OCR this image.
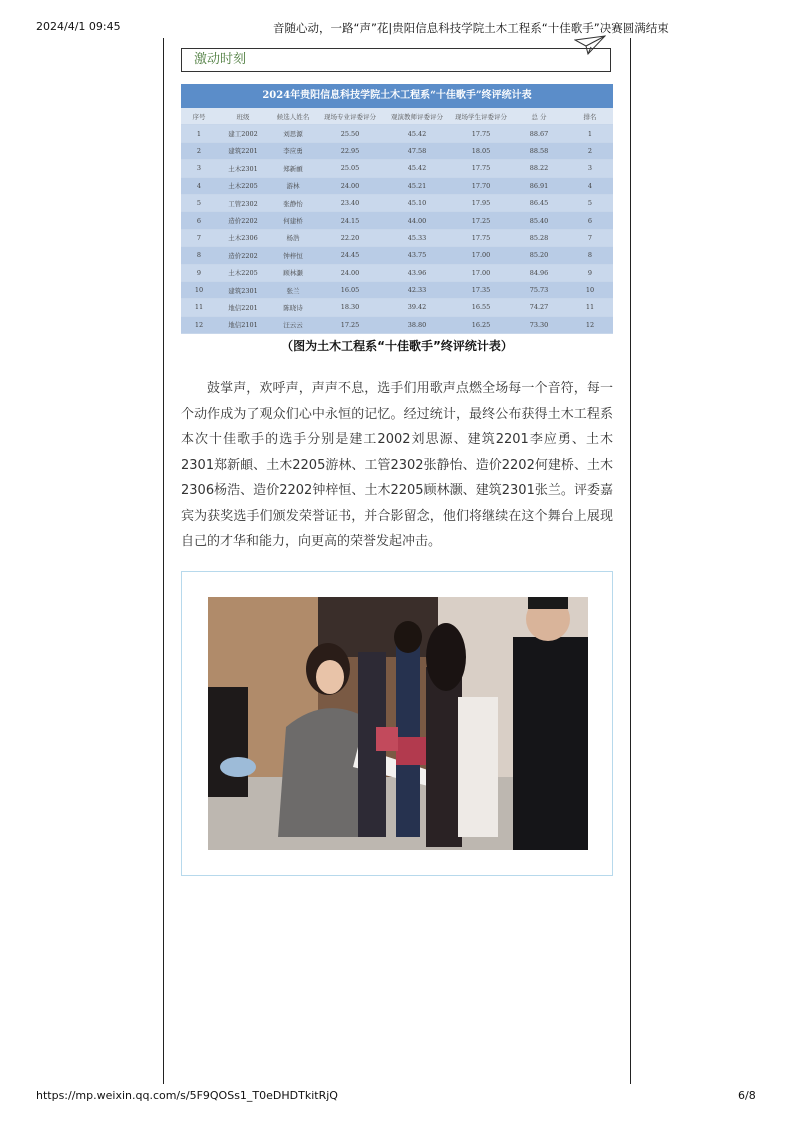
2024/4/1 09:45	音随心动，一路“声”花|贵阳信息科技学院土木工程系“十佳歌手”决赛圆满结束
激动时刻
2024年贵阳信息科技学院土木工程系“十佳歌手”终评统计表
序号	班级	候选人姓名	现场专业评委评分	观演教师评委评分	现场学生评委评分	总 分	排名
1	建工2002	刘思源	25.50	45.42	17.75	88.67	1
2	建筑2201	李应勇	22.95	47.58	18.05	88.58	2
3	土木2301	郑新頔	25.05	45.42	17.75	88.22	3
4	土木2205	游林	24.00	45.21	17.70	86.91	4
5	工管2302	张静怡	23.40	45.10	17.95	86.45	5
6	造价2202	何建桥	24.15	44.00	17.25	85.40	6
7	土木2306	杨浩	22.20	45.33	17.75	85.28	7
8	造价2202	钟梓恒	24.45	43.75	17.00	85.20	8
9	土木2205	顾林灏	24.00	43.96	17.00	84.96	9
10	建筑2301	张兰	16.05	42.33	17.35	75.73	10
11	地信2201	陈晓诗	18.30	39.42	16.55	74.27	11
12	地信2101	汪云云	17.25	38.80	16.25	73.30	12
（图为土木工程系“十佳歌手”终评统计表）

鼓掌声，欢呼声，声声不息，选手们用歌声点燃全场每一个音符，每一个动作成为了观众们心中永恒的记忆。经过统计，最终公布获得土木工程系本次十佳歌手的选手分别是建工2002刘思源、建筑2201李应勇、土木2301郑新頔、土木2205游林、工管2302张静怡、造价2202何建桥、土木2306杨浩、造价2202钟梓恒、土木2205顾林灏、建筑2301张兰。评委嘉宾为获奖选手们颁发荣誉证书，并合影留念，他们将继续在这个舞台上展现自己的才华和能力，向更高的荣誉发起冲击。

https://mp.weixin.qq.com/s/5F9QOSs1_T0eDHDTkitRjQ	6/8
